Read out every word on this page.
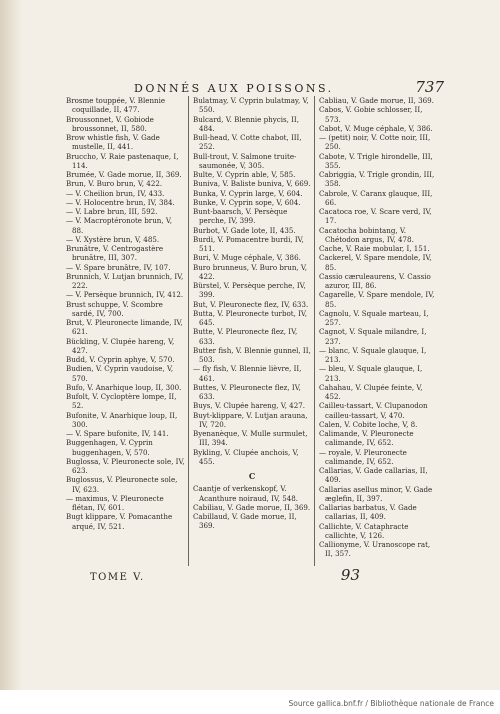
DONNÉS AUX POISSONS.	737

Brosme touppée, V. Blennie coquillade, II, 477.

Broussonnet, V. Gobiode broussonnet, II, 580.

Brow whistle fish, V. Gade mustelle, II, 441.

Bruccho, V. Raie pastenaque, I, 114.

Brumée, V. Gade morue, II, 369.

Brun, V. Buro brun, V, 422.

— V. Cheilion brun, IV, 433.

— V. Holocentre brun, IV, 384.

— V. Labre brun, III, 592.

— V. Macroptéronote brun, V, 88.

— V. Xystère brun, V, 485.

Brunâtre, V. Centrogastère brunâtre, III, 307.

— V. Spare brunâtre, IV, 107.

Brunnich, V. Lutjan brunnich, IV, 222.

— V. Persèque brunnich, IV, 412.

Brust schuppe, V. Scombre sardé, IV, 700.

Brut, V. Pleuronecte limande, IV, 621.

Bückling, V. Clupée hareng, V, 427.

Budd, V. Cyprin aphye, V, 570.

Budien, V. Cyprin vaudoise, V, 570.

Bufo, V. Anarhique loup, II, 300.

Bufolt, V. Cycloptère lompe, II, 52.

Bufonite, V. Anarhique loup, II, 300.

— V. Spare bufonite, IV, 141.

Buggenhagen, V. Cyprin buggenhagen, V, 570.

Buglossa, V. Pleuronecte sole, IV, 623.

Buglossus, V. Pleuronecte sole, IV, 623.

— maximus, V. Pleuronecte flétan, IV, 601.

Bugt klippare, V. Pomacanthe arqué, IV, 521.

Bulatmay, V. Cyprin bulatmay, V, 550.

Bulcard, V. Blennie phycis, II, 484.

Bull-head, V. Cotte chabot, III, 252.

Bull-trout, V. Salmone truite-saumonée, V, 305.

Bulte, V. Cyprin able, V, 585.

Buniva, V. Baliste buniva, V, 669.

Bunka, V. Cyprin large, V, 604.

Bunke, V. Cyprin sope, V, 604.

Bunt-baarsch, V. Persèque perche, IV, 399.

Burbot, V. Gade lote, II, 435.

Burdi, V. Pomacentre burdi, IV, 511.

Buri, V. Muge céphale, V, 386.

Buro brunneus, V. Buro brun, V, 422.

Bürstel, V. Persèque perche, IV, 399.

But, V. Pleuronecte flez, IV, 633.

Butta, V. Pleuronecte turbot, IV, 645.

Butte, V. Pleuronecte flez, IV, 633.

Butter fish, V. Blennie gunnel, II, 503.

— fly fish, V. Blennie lièvre, II, 461.

Buttes, V. Pleuronecte flez, IV, 633.

Buys, V. Clupée hareng, V, 427.

Buyt-klippare, V. Lutjan arauna, IV, 720.

Byenanèque, V. Mulle surmulet, III, 394.

Bykling, V. Clupée anchois, V, 455.

C

Caantje of verkenskopf, V. Acanthure noiraud, IV, 548.

Cabiliau, V. Gade morue, II, 369.

Cabillaud, V. Gade morue, II, 369.

Cabliau, V. Gade morue, II, 369.

Cabos, V. Gobie schlosser, II, 573.

Cabot, V. Muge céphale, V, 386.

— (petit) noir, V. Cotte noir, III, 250.

Cabote, V. Trigle hirondelle, III, 355.

Cabriggia, V. Trigle grondin, III, 358.

Cabrole, V. Caranx glauque, III, 66.

Cacatoca roe, V. Scare verd, IV, 17.

Cacatocha bobintang, V. Chétodon argus, IV, 478.

Cache, V. Raie mobular, I, 151.

Cackerel, V. Spare mendole, IV, 85.

Cassio cæruleaurens, V. Cassio azuror, III, 86.

Cagarelle, V. Spare mendole, IV, 85.

Cagnolu, V. Squale marteau, I, 257.

Cagnot, V. Squale milandre, I, 237.

— blanc, V. Squale glauque, I, 213.

— bleu, V. Squale glauque, I, 213.

Cahahau, V. Clupée feinte, V, 452.

Cailleu-tassart, V. Clupanodon cailleu-tassart, V, 470.

Calen, V. Cobite loche, V, 8.

Calimande, V. Pleuronecte calimande, IV, 652.

— royale, V. Pleuronecte calimande, IV, 652.

Callarias, V. Gade callarias, II, 409.

Callarias asellus minor, V. Gade æglefin, II, 397.

Callarias barbatus, V. Gade callarias, II, 409.

Callichte, V. Cataphracte callichte, V, 126.

Callionyme, V. Uranoscope rat, II, 357.

TOME V.	93
Source gallica.bnf.fr / Bibliothèque nationale de France
